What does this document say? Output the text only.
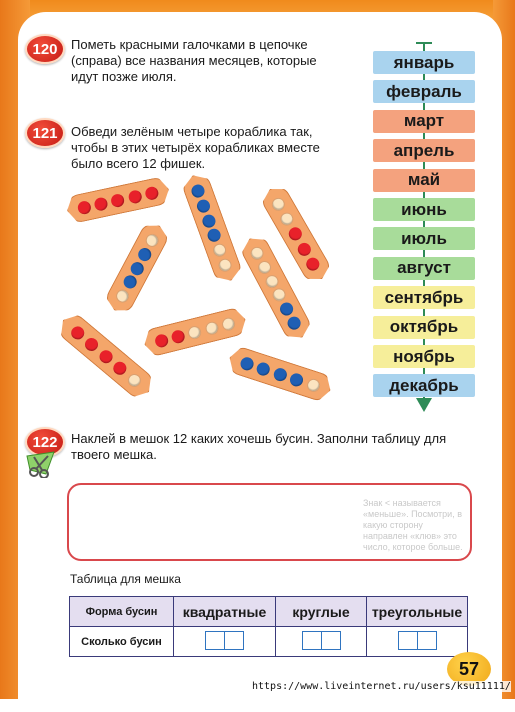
120	Пометь красными галочками в цепочке (справа) все названия месяцев, которые идут позже июля.
121	Обведи зелёным четыре кораблика так, чтобы в этих четырёх корабликах вместе было всего 12 фишек.
январь
февраль
март
апрель
май
июнь
июль
август
сентябрь
октябрь
ноябрь
декабрь
122	Наклей в мешок 12 каких хочешь бусин. Заполни таблицу для твоего мешка.
Знак < называется «меньше». Посмотри, в какую сторону направлен «клюв» это число, которое больше.
Таблица для мешка
Форма бусин	квадратные	круглые	треугольные
Сколько бусин	

57
https://www.liveinternet.ru/users/ksu11111/
